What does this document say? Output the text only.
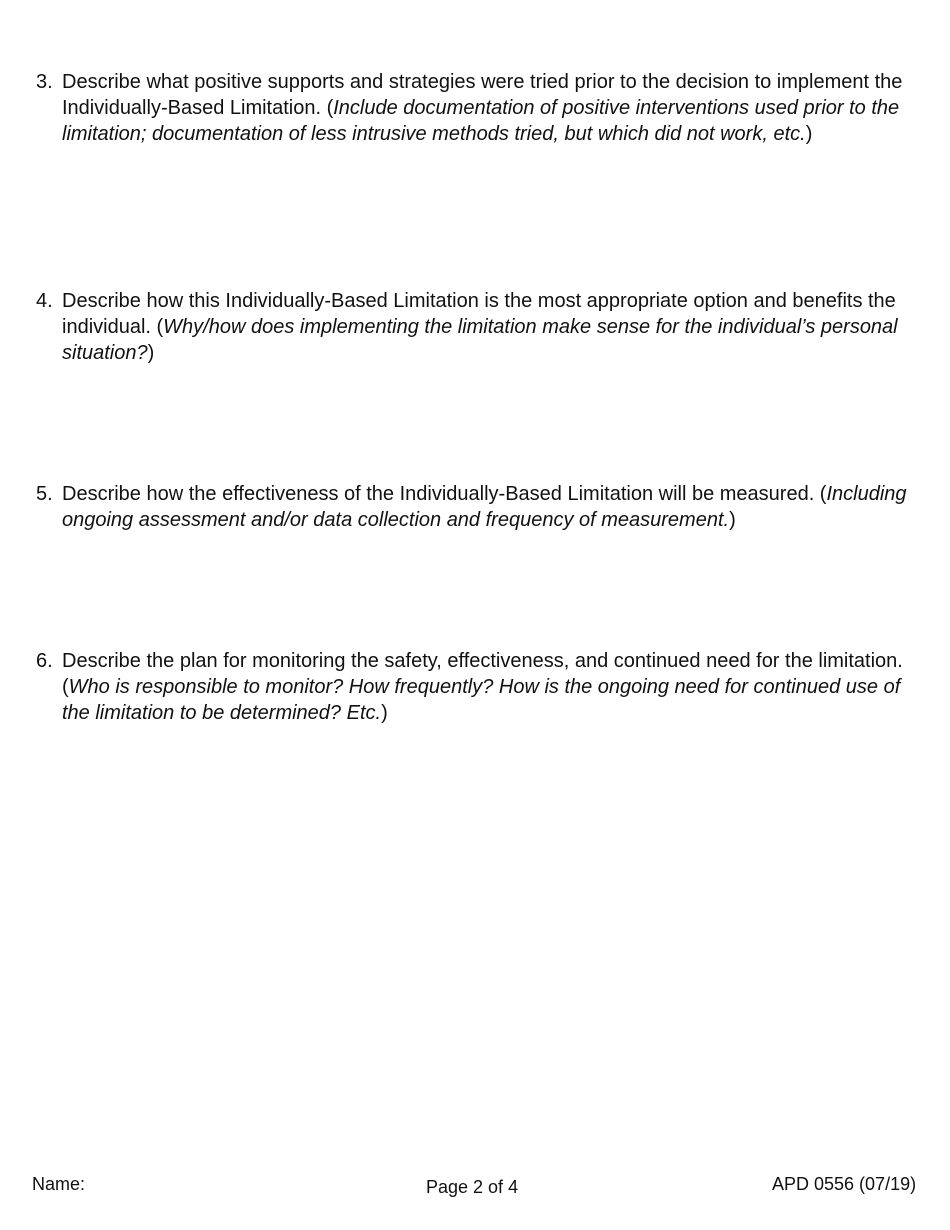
3. Describe what positive supports and strategies were tried prior to the decision to implement the Individually-Based Limitation. (Include documentation of positive interventions used prior to the limitation; documentation of less intrusive methods tried, but which did not work, etc.)
4. Describe how this Individually-Based Limitation is the most appropriate option and benefits the individual. (Why/how does implementing the limitation make sense for the individual’s personal situation?)
5. Describe how the effectiveness of the Individually-Based Limitation will be measured. (Including ongoing assessment and/or data collection and frequency of measurement.)
6. Describe the plan for monitoring the safety, effectiveness, and continued need for the limitation. (Who is responsible to monitor? How frequently? How is the ongoing need for continued use of the limitation to be determined? Etc.)
Name:	Page 2 of 4	APD 0556 (07/19)
